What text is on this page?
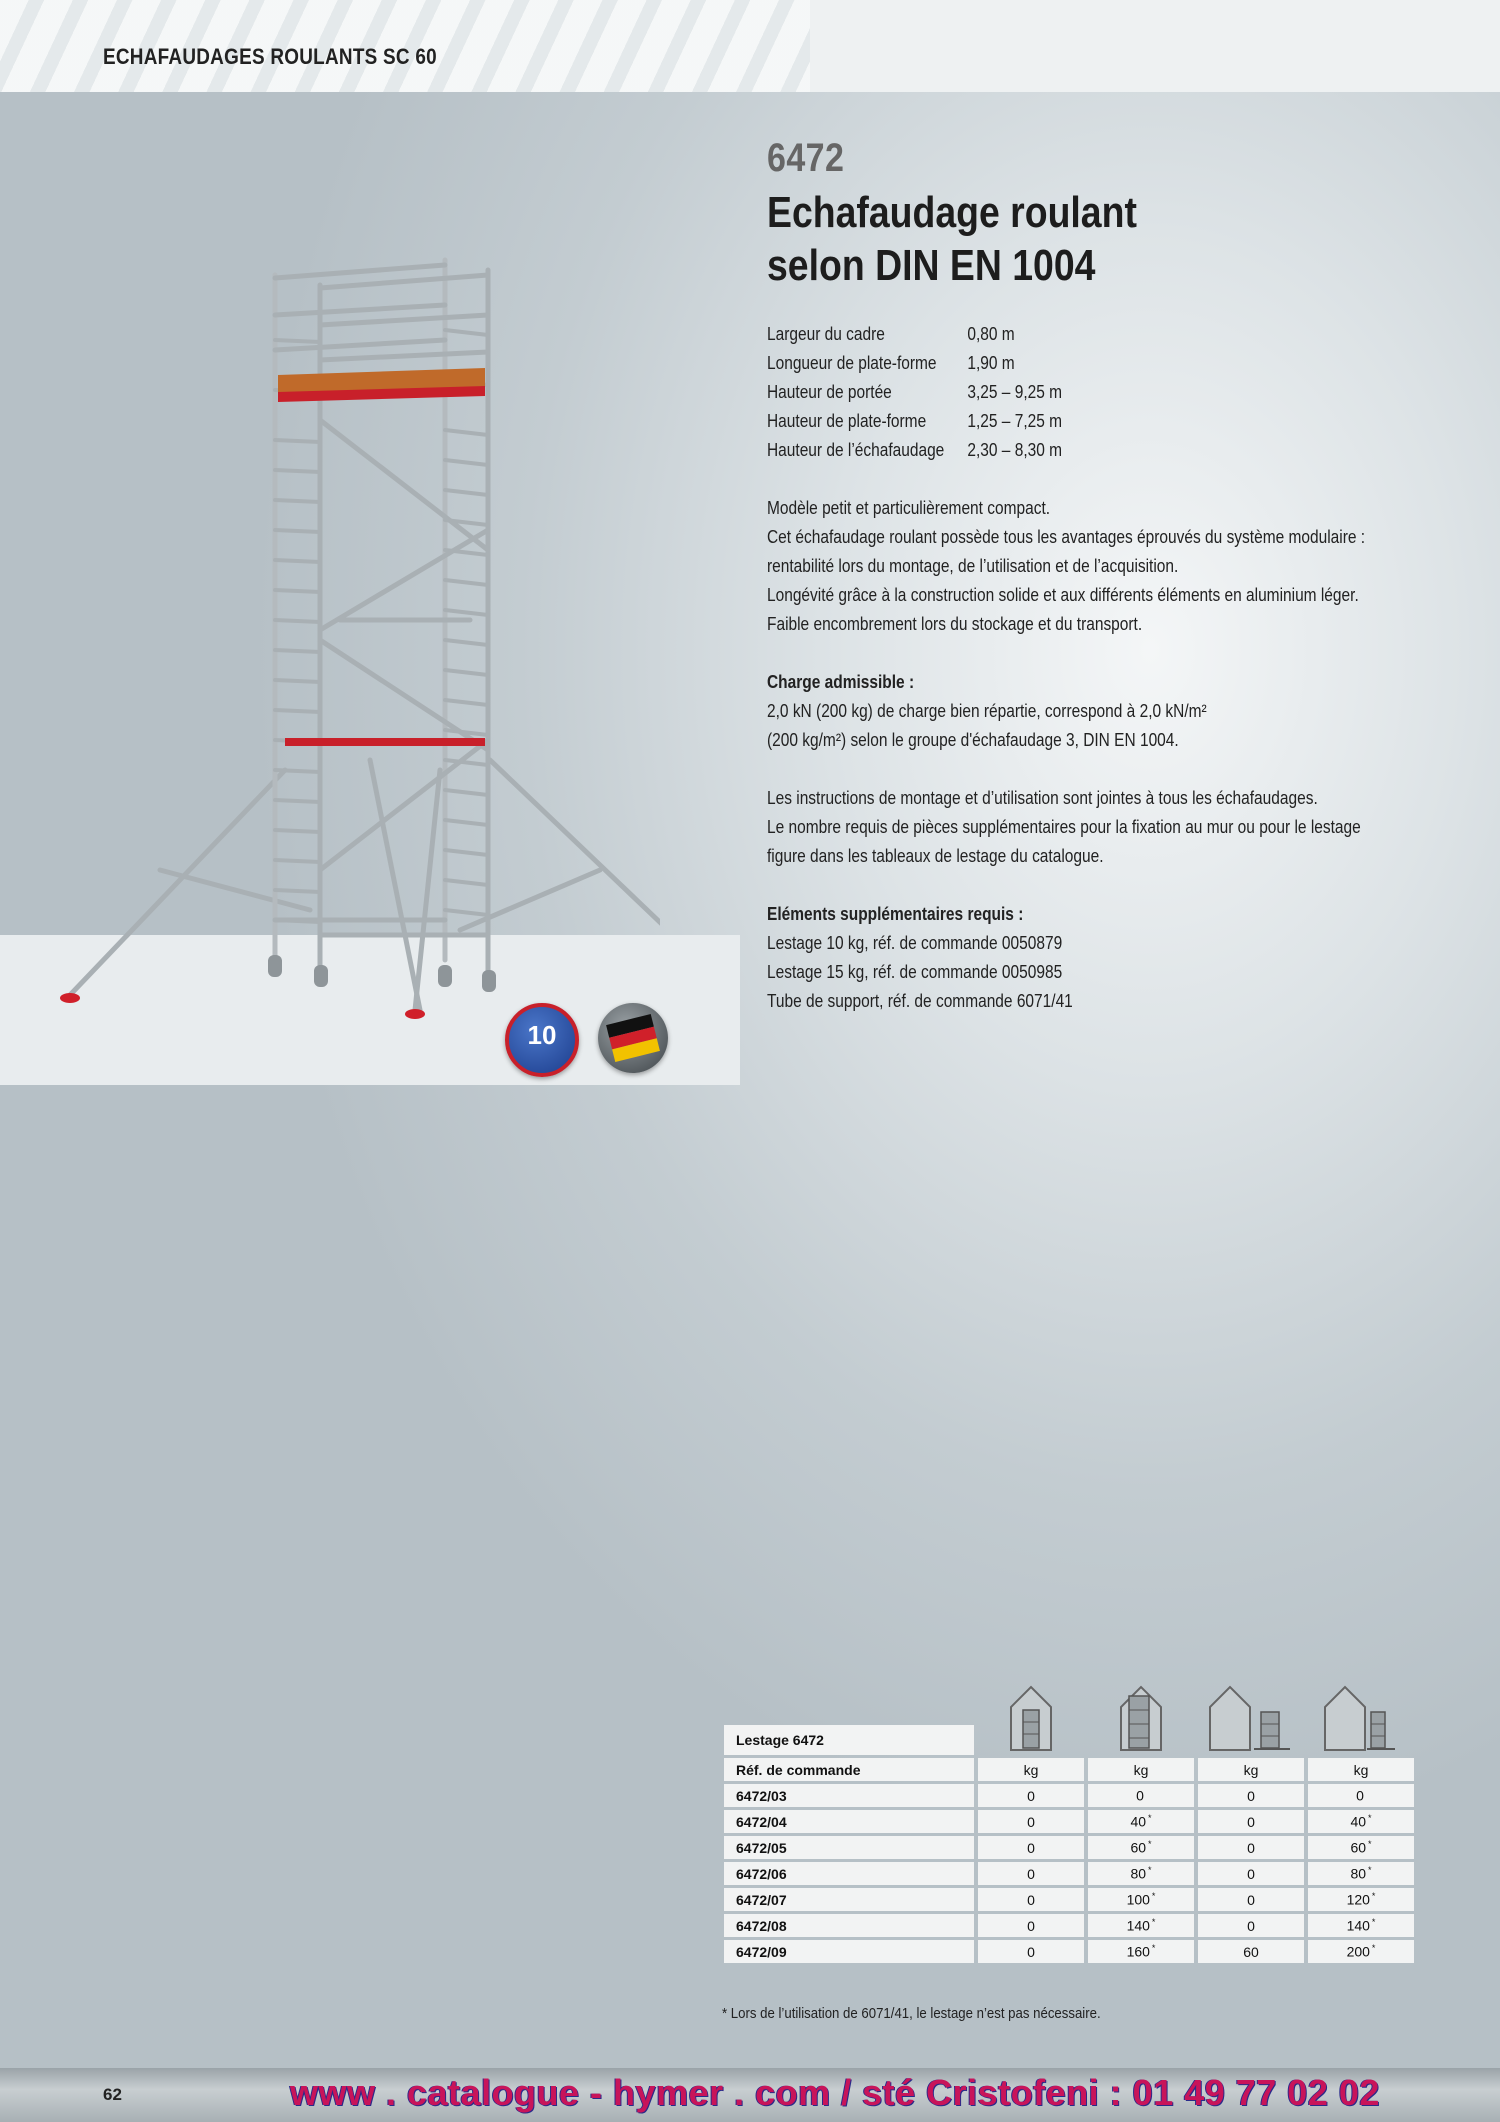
ECHAFAUDAGES ROULANTS SC 60
10
6472
Echafaudage roulant
selon DIN EN 1004
Largeur du cadre	0,80 m
Longueur de plate-forme	1,90 m
Hauteur de portée	3,25 – 9,25 m
Hauteur de plate-forme	1,25 – 7,25 m
Hauteur de l’échafaudage	2,30 – 8,30 m

Modèle petit et particulièrement compact.
Cet échafaudage roulant possède tous les avantages éprouvés du système modulaire :
rentabilité lors du montage, de l’utilisation et de l’acquisition.
Longévité grâce à la construction solide et aux différents éléments en aluminium léger.
Faible encombrement lors du stockage et du transport.

Charge admissible :
2,0 kN (200 kg) de charge bien répartie, correspond à 2,0 kN/m²
(200 kg/m²) selon le groupe d'échafaudage 3, DIN EN 1004.

Les instructions de montage et d’utilisation sont jointes à tous les échafaudages.
Le nombre requis de pièces supplémentaires pour la fixation au mur ou pour le lestage
figure dans les tableaux de lestage du catalogue.

Eléments supplémentaires requis :
Lestage 10 kg, réf. de commande 0050879
Lestage 15 kg, réf. de commande 0050985
Tube de support, réf. de commande 6071/41

Lestage 6472

Réf. de commande	kg	kg	kg	kg
6472/03	0	0	0	0
6472/04	0	40 *	0	40 *
6472/05	0	60 *	0	60 *
6472/06	0	80 *	0	80 *
6472/07	0	100 *	0	120 *
6472/08	0	140 *	0	140 *
6472/09	0	160 *	60	200 *
* Lors de l’utilisation de 6071/41, le lestage n’est pas nécessaire.
62	www . catalogue - hymer . com / sté Cristofeni : 01 49 77 02 02
